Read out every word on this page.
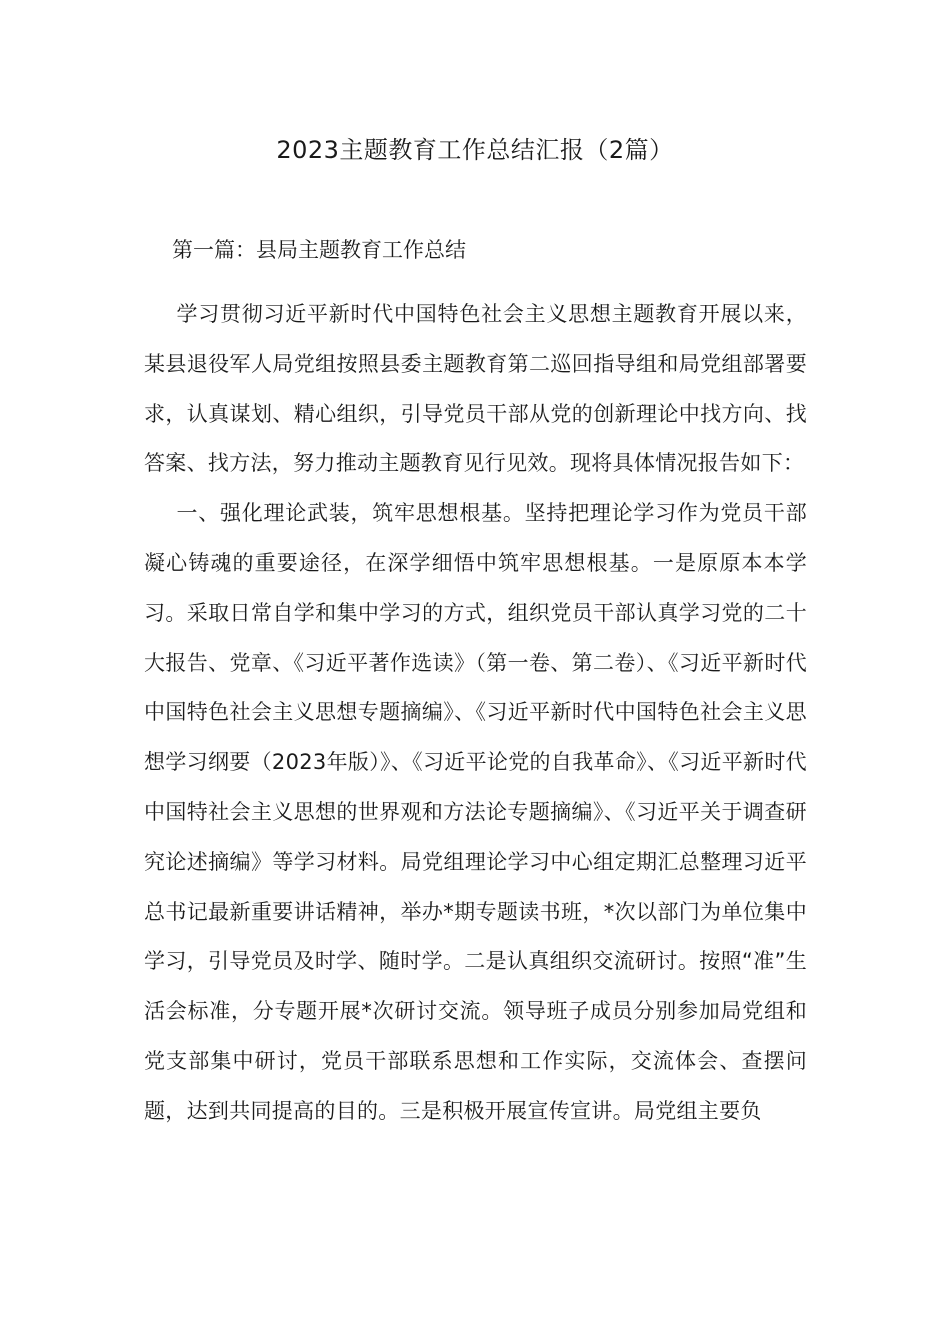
2023主题教育工作总结汇报（2篇）
第一篇：县局主题教育工作总结

学习贯彻习近平新时代中国特色社会主义思想主题教育开展以来，某县退役军人局党组按照县委主题教育第二巡回指导组和局党组部署要求，认真谋划、精心组织，引导党员干部从党的创新理论中找方向、找答案、找方法，努力推动主题教育见行见效。现将具体情况报告如下：

一、强化理论武装，筑牢思想根基。坚持把理论学习作为党员干部凝心铸魂的重要途径，在深学细悟中筑牢思想根基。一是原原本本学习。采取日常自学和集中学习的方式，组织党员干部认真学习党的二十大报告、党章、《习近平著作选读》（第一卷、第二卷）、《习近平新时代中国特色社会主义思想专题摘编》、《习近平新时代中国特色社会主义思想学习纲要（2023年版）》、《习近平论党的自我革命》、《习近平新时代中国特社会主义思想的世界观和方法论专题摘编》、《习近平关于调查研究论述摘编》等学习材料。局党组理论学习中心组定期汇总整理习近平总书记最新重要讲话精神，举办*期专题读书班，*次以部门为单位集中学习，引导党员及时学、随时学。二是认真组织交流研讨。按照“准”生活会标准，分专题开展*次研讨交流。领导班子成员分别参加局党组和党支部集中研讨，党员干部联系思想和工作实际，交流体会、查摆问题，达到共同提高的目的。三是积极开展宣传宣讲。局党组主要负
